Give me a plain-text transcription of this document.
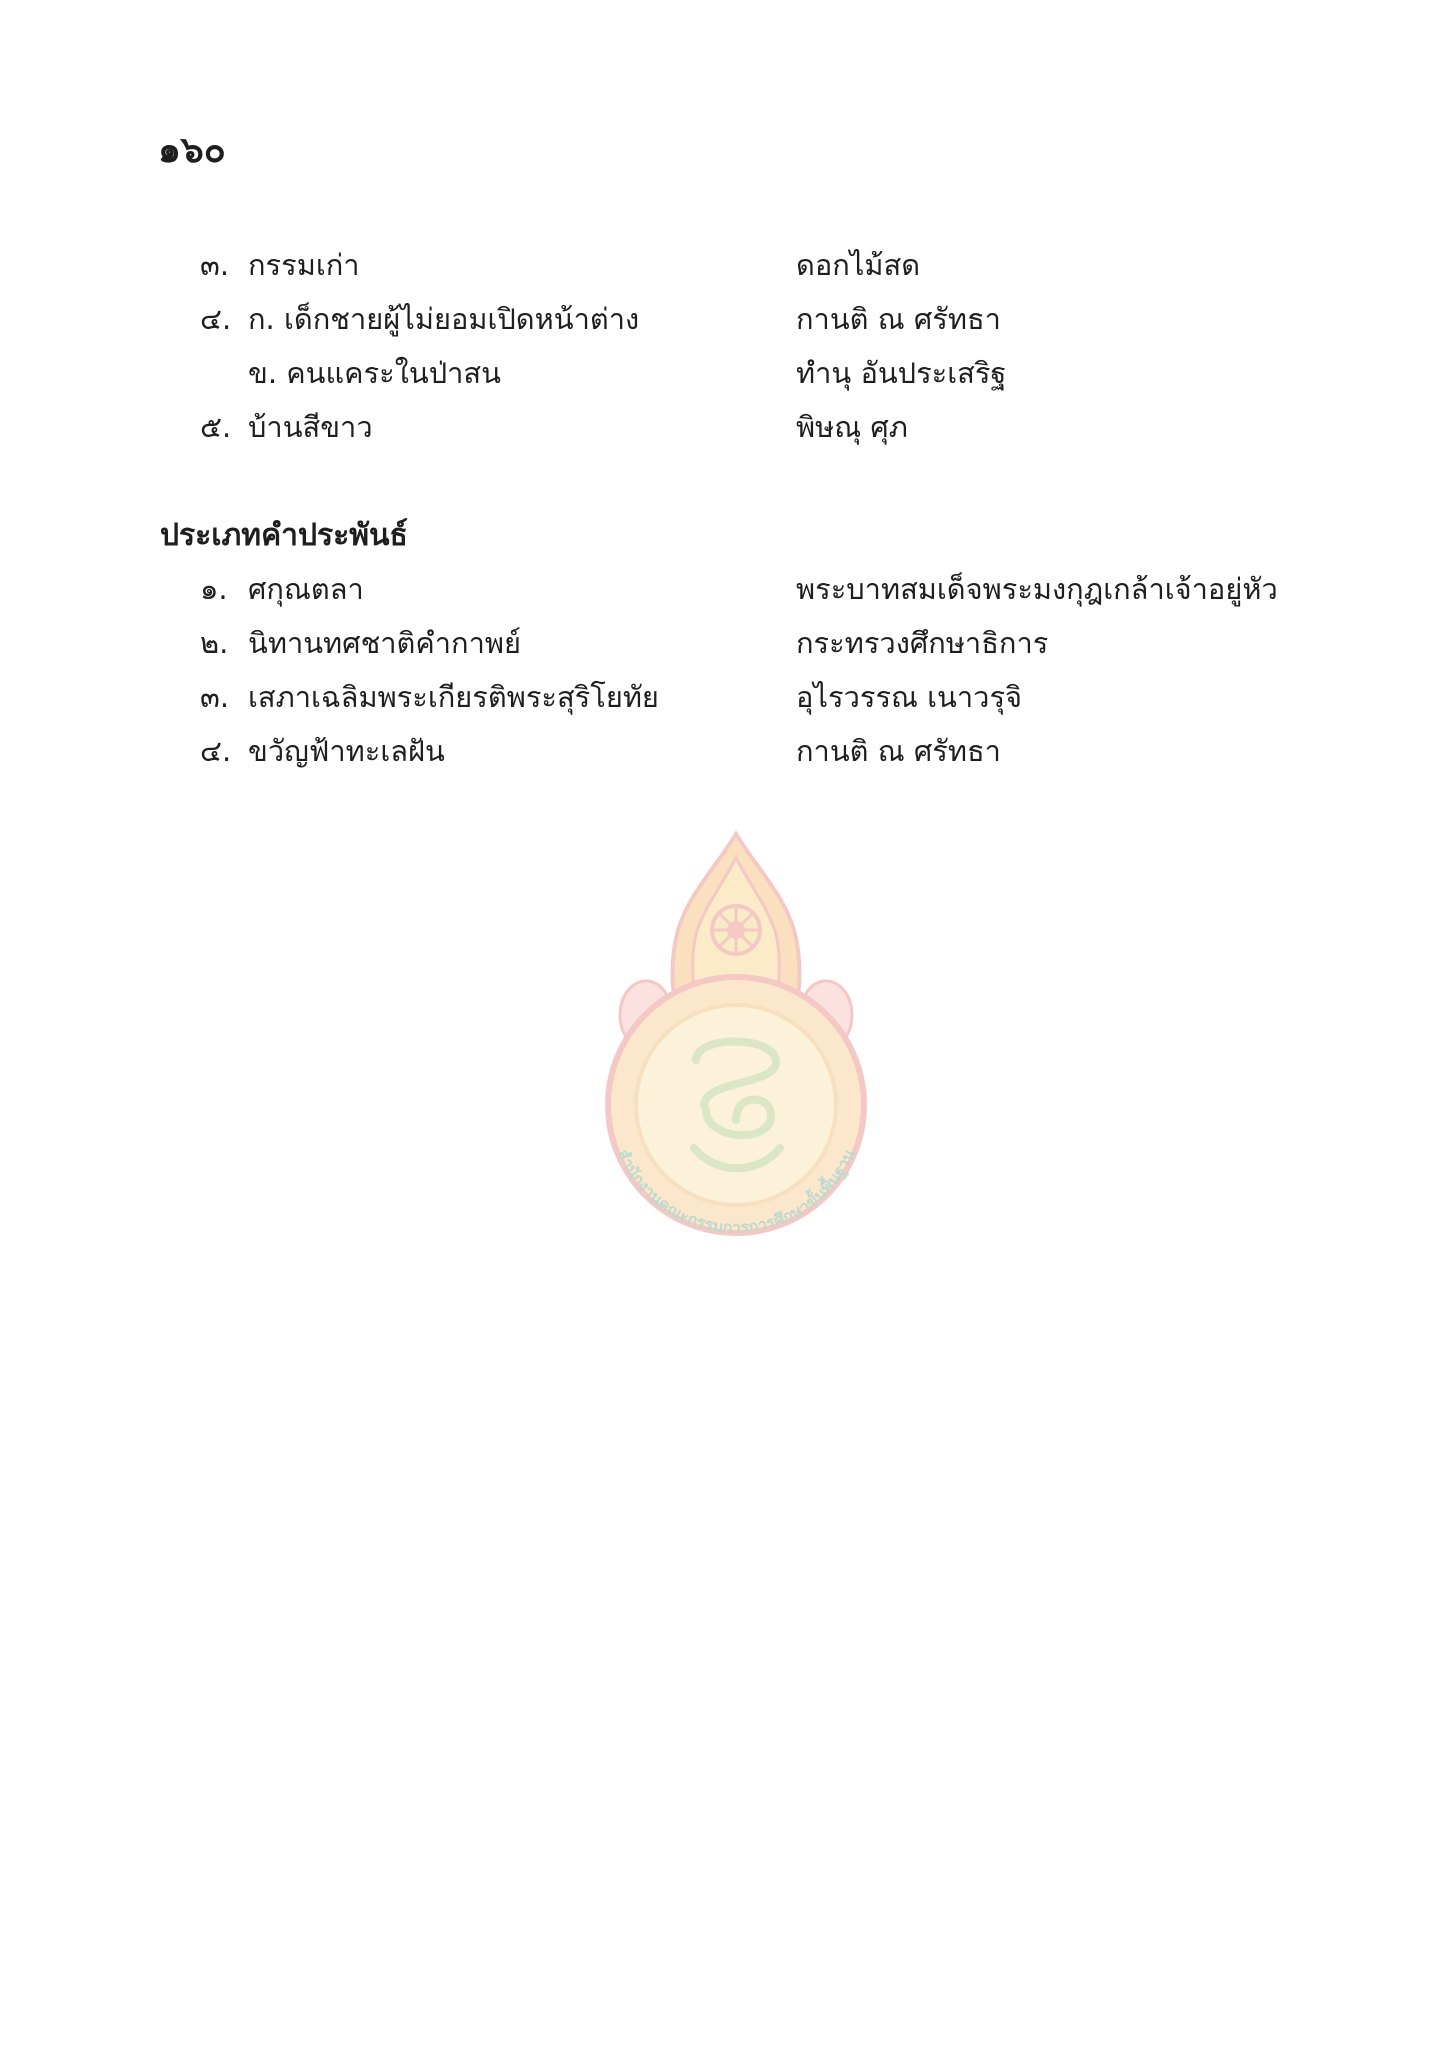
๑๖๐
๓. กรรมเก่า	ดอกไม้สด
๔. ก. เด็กชายผู้ไม่ยอมเปิดหน้าต่าง	กานติ ณ ศรัทธา
ข. คนแคระในป่าสน	ทำนุ อันประเสริฐ
๕. บ้านสีขาว	พิษณุ ศุภ
ประเภทคำประพันธ์
๑. ศกุณตลา	พระบาทสมเด็จพระมงกุฎเกล้าเจ้าอยู่หัว
๒. นิทานทศชาติคำกาพย์	กระทรวงศึกษาธิการ
๓. เสภาเฉลิมพระเกียรติพระสุริโยทัย	อุไรวรรณ เนาวรุจิ
๔. ขวัญฟ้าทะเลฝัน	กานติ ณ ศรัทธา
สำนักงานคณะกรรมการการศึกษาขั้นพื้นฐาน
